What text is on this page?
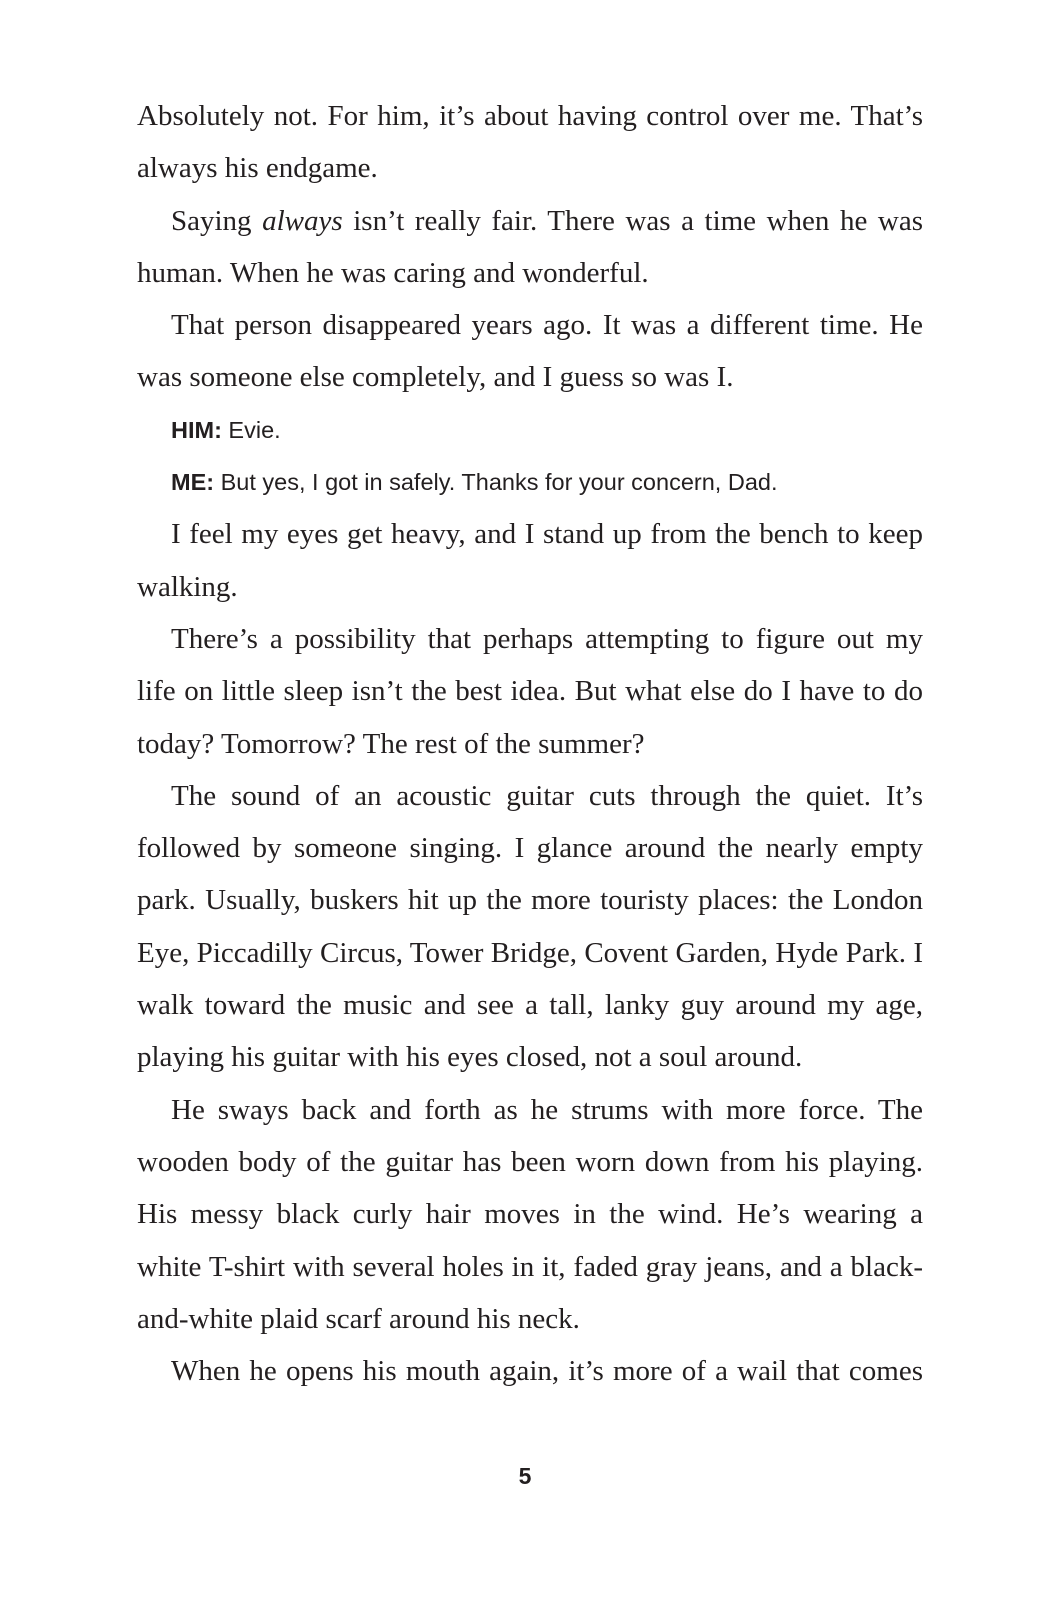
Absolutely not. For him, it’s about having control over me. That’s always his endgame.

Saying always isn’t really fair. There was a time when he was human. When he was caring and wonderful.

That person disappeared years ago. It was a different time. He was someone else completely, and I guess so was I.

HIM: Evie.

ME: But yes, I got in safely. Thanks for your concern, Dad.

I feel my eyes get heavy, and I stand up from the bench to keep walking.

There’s a possibility that perhaps attempting to figure out my life on little sleep isn’t the best idea. But what else do I have to do today? Tomorrow? The rest of the summer?

The sound of an acoustic guitar cuts through the quiet. It’s followed by someone singing. I glance around the nearly empty park. Usually, buskers hit up the more touristy places: the London Eye, Piccadilly Circus, Tower Bridge, Covent Garden, Hyde Park. I walk toward the music and see a tall, lanky guy around my age, playing his guitar with his eyes closed, not a soul around.

He sways back and forth as he strums with more force. The wooden body of the guitar has been worn down from his playing. His messy black curly hair moves in the wind. He’s wearing a white T-shirt with several holes in it, faded gray jeans, and a black-and-white plaid scarf around his neck.

When he opens his mouth again, it’s more of a wail that comes

5
